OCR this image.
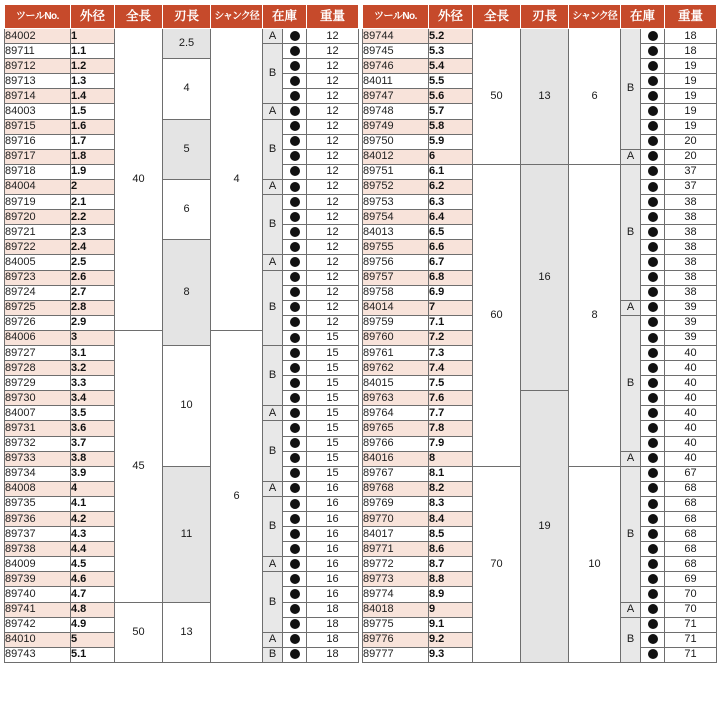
ツールNo.	外径	全長	刃長	シャンク径	在庫		重量
84002	1	40	2.5	4	A		12
89711	1.1				B		12
89712	1.2		4				12
89713	1.3						12
89714	1.4						12
84003	1.5				A		12
89715	1.6		5		B		12
89716	1.7						12
89717	1.8						12
89718	1.9						12
84004	2		6		A		12
89719	2.1				B		12
89720	2.2						12
89721	2.3						12
89722	2.4		8				12
84005	2.5				A		12
89723	2.6				B		12
89724	2.7						12
89725	2.8						12
89726	2.9						12
84006	3	45		6			15
89727	3.1		10		B		15
89728	3.2						15
89729	3.3						15
89730	3.4						15
84007	3.5				A		15
89731	3.6				B		15
89732	3.7						15
89733	3.8						15
89734	3.9		11				15
84008	4				A		16
89735	4.1				B		16
89736	4.2						16
89737	4.3						16
89738	4.4						16
84009	4.5				A		16
89739	4.6				B		16
89740	4.7						16
89741	4.8	50	13				18
89742	4.9						18
84010	5				A		18
89743	5.1				B		18
ツールNo.	外径	全長	刃長	シャンク径	在庫		重量
89744	5.2	50	13	6	B		18
89745	5.3						18
89746	5.4						19
84011	5.5						19
89747	5.6						19
89748	5.7						19
89749	5.8						19
89750	5.9						20
84012	6				A		20
89751	6.1	60	16	8	B		37
89752	6.2						37
89753	6.3						38
89754	6.4						38
84013	6.5						38
89755	6.6						38
89756	6.7						38
89757	6.8						38
89758	6.9						38
84014	7				A		39
89759	7.1				B		39
89760	7.2						39
89761	7.3						40
89762	7.4						40
84015	7.5						40
89763	7.6		19				40
89764	7.7						40
89765	7.8						40
89766	7.9						40
84016	8				A		40
89767	8.1	70		10	B		67
89768	8.2						68
89769	8.3						68
89770	8.4						68
84017	8.5						68
89771	8.6						68
89772	8.7						68
89773	8.8						69
89774	8.9						70
84018	9				A		70
89775	9.1				B		71
89776	9.2						71
89777	9.3						71
